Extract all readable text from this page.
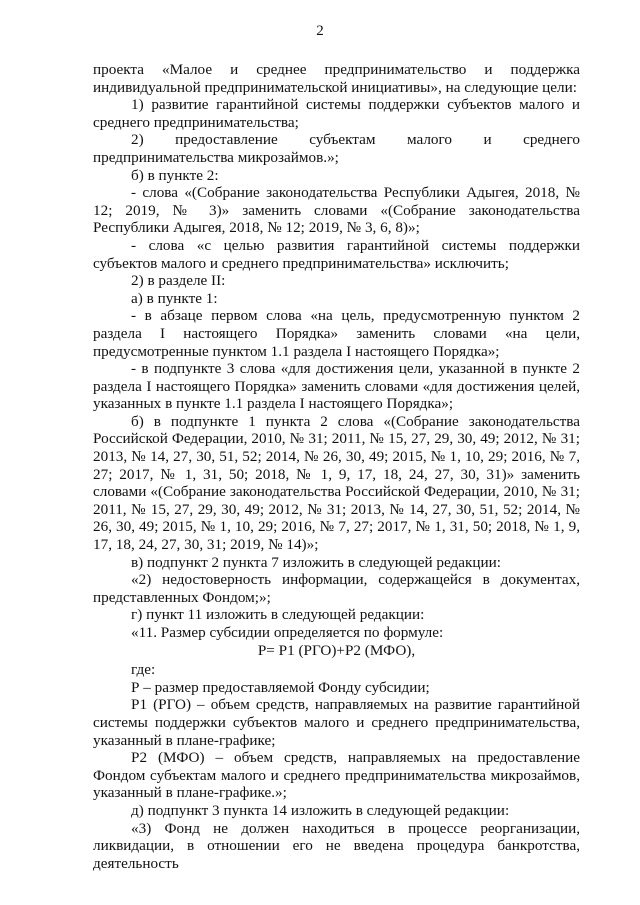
2

проекта «Малое и среднее предпринимательство и поддержка индивидуальной предпринимательской инициативы», на следующие цели:

1) развитие гарантийной системы поддержки субъектов малого и среднего предпринимательства;

2) предоставление субъектам малого и среднего предпринимательства микрозаймов.»;

б) в пункте 2:

- слова «(Собрание законодательства Республики Адыгея, 2018, № 12; 2019, № 3)» заменить словами «(Собрание законодательства Республики Адыгея, 2018, № 12; 2019, № 3, 6, 8)»;

- слова «с целью развития гарантийной системы поддержки субъектов малого и среднего предпринимательства» исключить;

2) в разделе II:

а) в пункте 1:

- в абзаце первом слова «на цель, предусмотренную пунктом 2 раздела I настоящего Порядка» заменить словами «на цели, предусмотренные пунктом 1.1 раздела I настоящего Порядка»;

- в подпункте 3 слова «для достижения цели, указанной в пункте 2 раздела I настоящего Порядка» заменить словами «для достижения целей, указанных в пункте 1.1 раздела I настоящего Порядка»;

б) в подпункте 1 пункта 2 слова «(Собрание законодательства Российской Федерации, 2010, № 31; 2011, № 15, 27, 29, 30, 49; 2012, № 31; 2013, № 14, 27, 30, 51, 52; 2014, № 26, 30, 49; 2015, № 1, 10, 29; 2016, № 7, 27; 2017, № 1, 31, 50; 2018, № 1, 9, 17, 18, 24, 27, 30, 31)» заменить словами «(Собрание законодательства Российской Федерации, 2010, № 31; 2011, № 15, 27, 29, 30, 49; 2012, № 31; 2013, № 14, 27, 30, 51, 52; 2014, № 26, 30, 49; 2015, № 1, 10, 29; 2016, № 7, 27; 2017, № 1, 31, 50; 2018, № 1, 9, 17, 18, 24, 27, 30, 31; 2019, № 14)»;

в) подпункт 2 пункта 7 изложить в следующей редакции:

«2) недостоверность информации, содержащейся в документах, представленных Фондом;»;

г) пункт 11 изложить в следующей редакции:

«11. Размер субсидии определяется по формуле:

Р= Р1 (РГО)+Р2 (МФО),

где:

Р – размер предоставляемой Фонду субсидии;

Р1 (РГО) – объем средств, направляемых на развитие гарантийной системы поддержки субъектов малого и среднего предпринимательства, указанный в плане-графике;

Р2 (МФО) – объем средств, направляемых на предоставление Фондом субъектам малого и среднего предпринимательства микрозаймов, указанный в плане-графике.»;

д) подпункт 3 пункта 14 изложить в следующей редакции:

«3) Фонд не должен находиться в процессе реорганизации, ликвидации, в отношении его не введена процедура банкротства, деятельность
